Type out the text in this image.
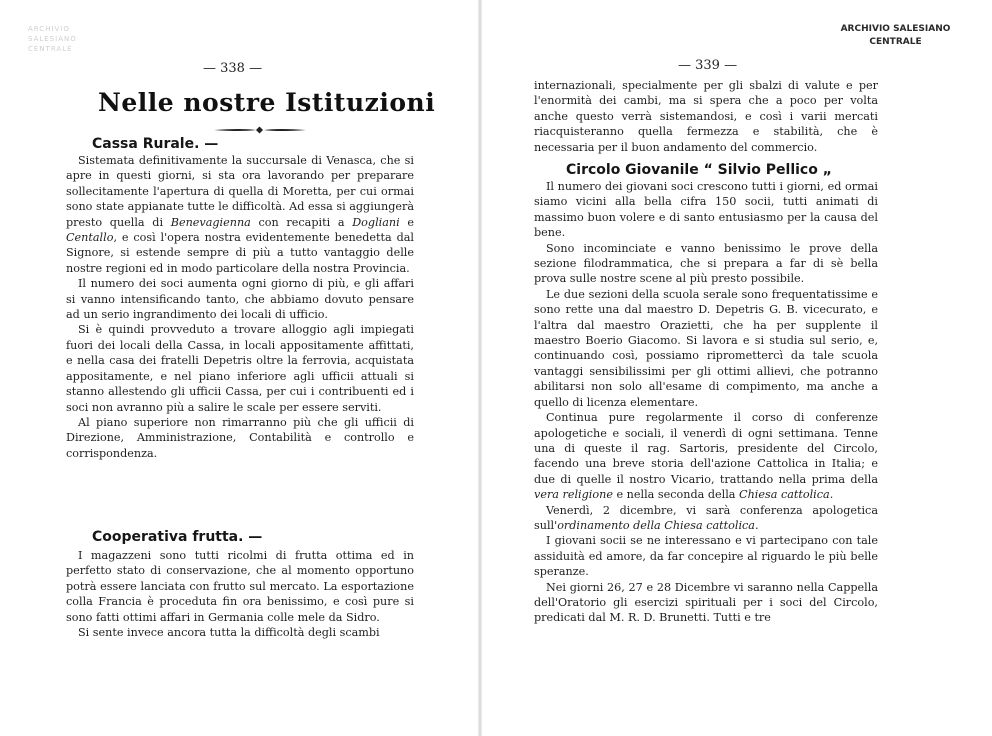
ARCHIVIO SALESIANO CENTRALE
— 338 —
Nelle nostre Istituzioni
Cassa Rurale. —

Sistemata definitivamente la succursale di Venasca, che si apre in questi giorni, si sta ora lavorando per preparare sollecitamente l'apertura di quella di Moretta, per cui ormai sono state appianate tutte le difficoltà. Ad essa si aggiungerà presto quella di Benevagienna con recapiti a Dogliani e Centallo, e così l'opera nostra evidentemente benedetta dal Signore, si estende sempre di più a tutto vantaggio delle nostre regioni ed in modo particolare della nostra Provincia.

Il numero dei soci aumenta ogni giorno di più, e gli affari si vanno intensificando tanto, che abbiamo dovuto pensare ad un serio ingrandimento dei locali di ufficio.

Si è quindi provveduto a trovare alloggio agli impiegati fuori dei locali della Cassa, in locali appositamente affittati, e nella casa dei fratelli Depetris oltre la ferrovia, acquistata appositamente, e nel piano inferiore agli ufficii attuali si stanno allestendo gli ufficii Cassa, per cui i contribuenti ed i soci non avranno più a salire le scale per essere serviti.

Al piano superiore non rimarranno più che gli ufficii di Direzione, Amministrazione, Contabilità e controllo e corrispondenza.

Cooperativa frutta. —

I magazzeni sono tutti ricolmi di frutta ottima ed in perfetto stato di conservazione, che al momento opportuno potrà essere lanciata con frutto sul mercato. La esportazione colla Francia è proceduta fin ora benissimo, e così pure si sono fatti ottimi affari in Germania colle mele da Sidro.

Si sente invece ancora tutta la difficoltà degli scambi

ARCHIVIO SALESIANO CENTRALE
— 339 —

internazionali, specialmente per gli sbalzi di valute e per l'enormità dei cambi, ma si spera che a poco per volta anche questo verrà sistemandosi, e così i varii mercati riacquisteranno quella fermezza e stabilità, che è necessaria per il buon andamento del commercio.

Circolo Giovanile “ Silvio Pellico „

Il numero dei giovani soci crescono tutti i giorni, ed ormai siamo vicini alla bella cifra 150 socii, tutti animati di massimo buon volere e di santo entusiasmo per la causa del bene.

Sono incominciate e vanno benissimo le prove della sezione filodrammatica, che si prepara a far di sè bella prova sulle nostre scene al più presto possibile.

Le due sezioni della scuola serale sono frequentatissime e sono rette una dal maestro D. Depetris G. B. vicecurato, e l'altra dal maestro Orazietti, che ha per supplente il maestro Boerio Giacomo. Si lavora e si studia sul serio, e, continuando così, possiamo ripromettercì da tale scuola vantaggi sensibilissimi per gli ottimi allievi, che potranno abilitarsi non solo all'esame di compimento, ma anche a quello di licenza elementare.

Continua pure regolarmente il corso di conferenze apologetiche e sociali, il venerdì di ogni settimana. Tenne una di queste il rag. Sartoris, presidente del Circolo, facendo una breve storia dell'azione Cattolica in Italia; e due di quelle il nostro Vicario, trattando nella prima della vera religione e nella seconda della Chiesa cattolica.

Venerdì, 2 dicembre, vi sarà conferenza apologetica sull'ordinamento della Chiesa cattolica.

I giovani socii se ne interessano e vi partecipano con tale assiduità ed amore, da far concepire al riguardo le più belle speranze.

Nei giorni 26, 27 e 28 Dicembre vi saranno nella Cappella dell'Oratorio gli esercizi spirituali per i soci del Circolo, predicati dal M. R. D. Brunetti. Tutti e tre
